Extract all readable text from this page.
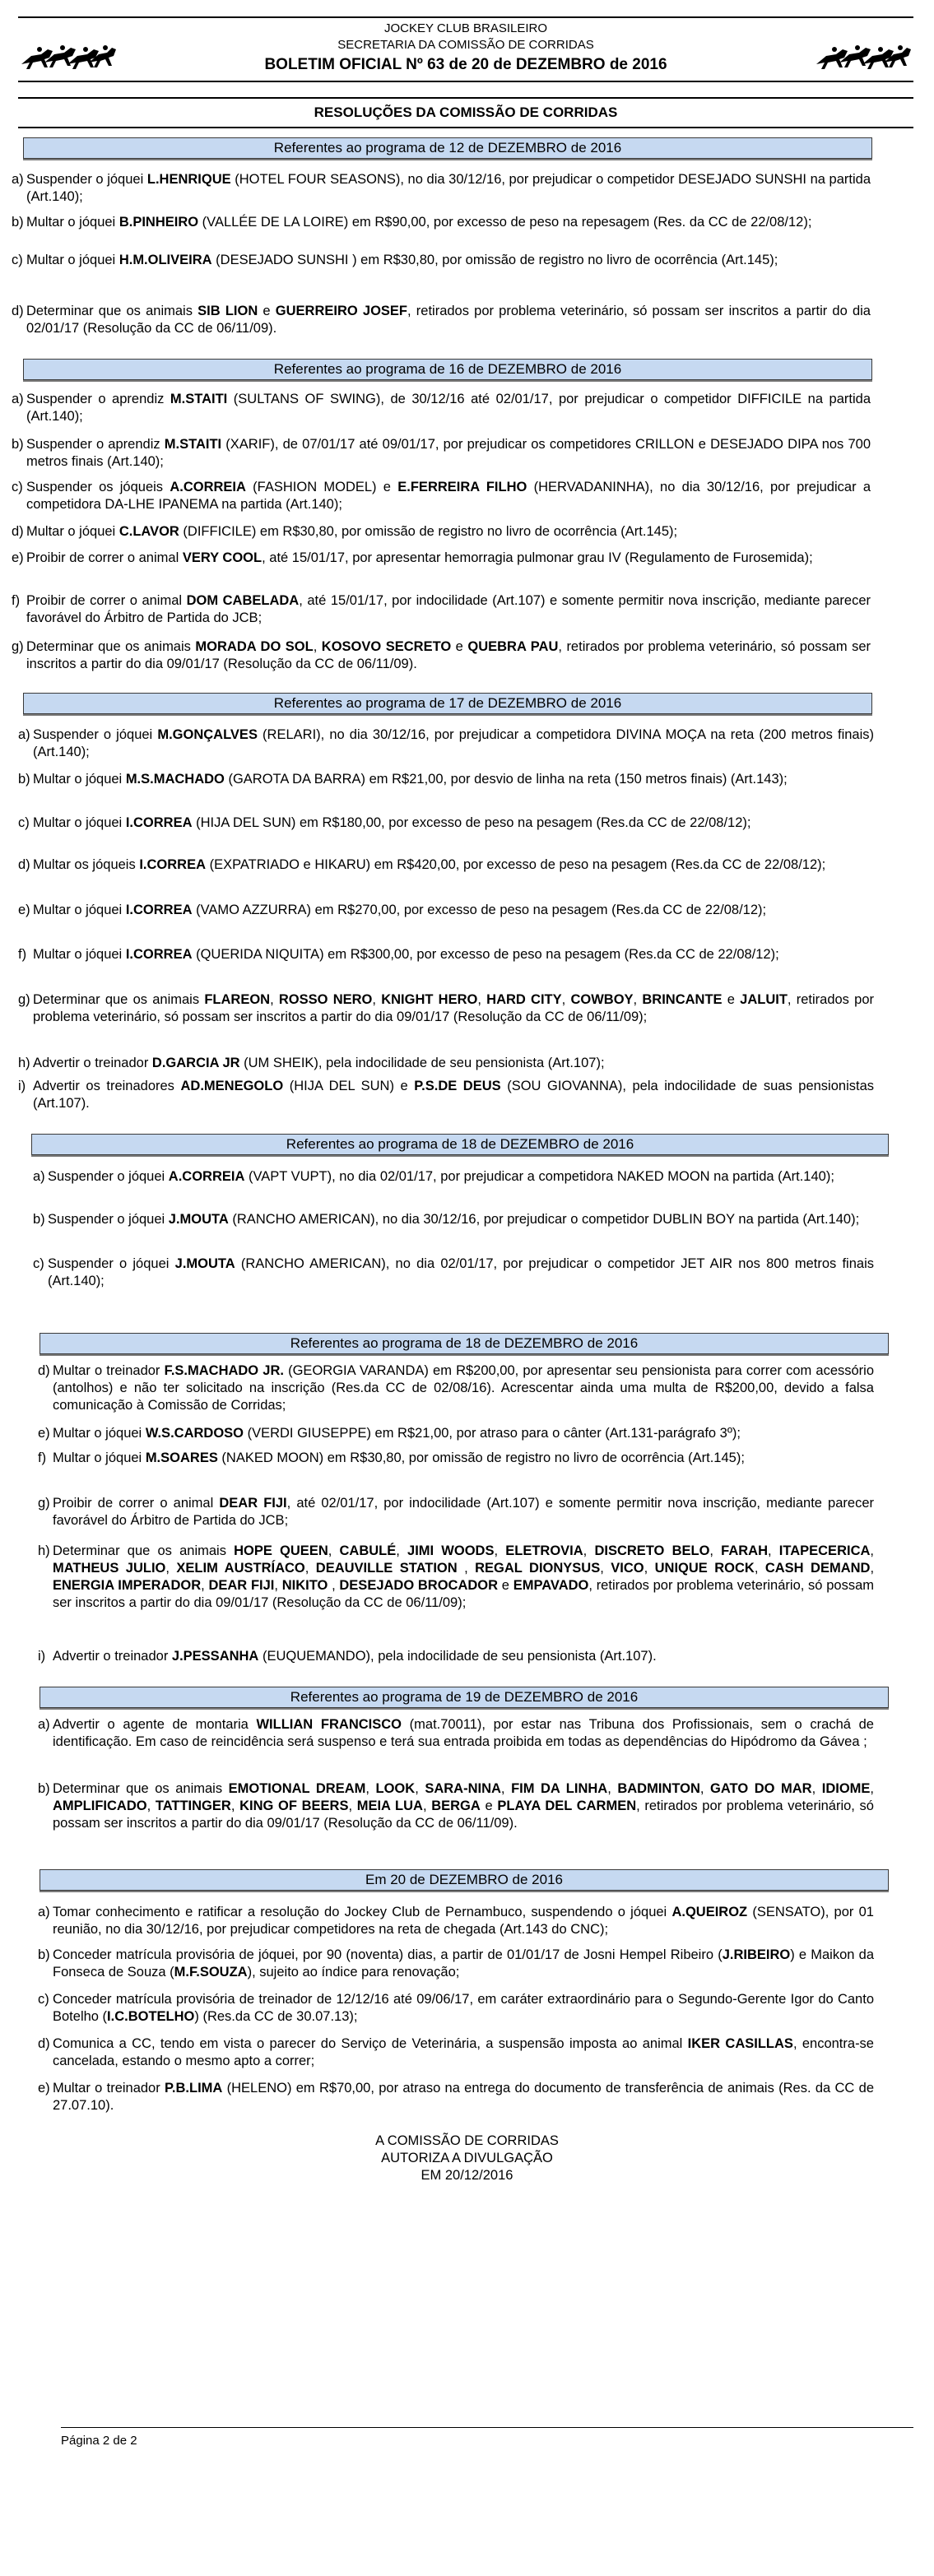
JOCKEY CLUB BRASILEIRO
SECRETARIA DA COMISSÃO DE CORRIDAS
BOLETIM OFICIAL Nº 63 de 20 de DEZEMBRO de 2016
RESOLUÇÕES DA COMISSÃO DE CORRIDAS
Referentes ao programa de 12 de DEZEMBRO de 2016
a) Suspender o jóquei L.HENRIQUE (HOTEL FOUR SEASONS), no dia 30/12/16, por prejudicar o competidor DESEJADO SUNSHI na partida (Art.140);
b) Multar o jóquei B.PINHEIRO (VALLÉE DE LA LOIRE) em R$90,00, por excesso de peso na repesagem (Res. da CC de 22/08/12);
c) Multar o jóquei H.M.OLIVEIRA (DESEJADO SUNSHI ) em R$30,80, por omissão de registro no livro de ocorrência (Art.145);
d) Determinar que os animais SIB LION e GUERREIRO JOSEF, retirados por problema veterinário, só possam ser inscritos a partir do dia 02/01/17 (Resolução da CC de 06/11/09).
Referentes ao programa de 16 de DEZEMBRO de 2016
a) Suspender o aprendiz M.STAITI (SULTANS OF SWING), de 30/12/16 até 02/01/17, por prejudicar o competidor DIFFICILE na partida (Art.140);
b) Suspender o aprendiz M.STAITI (XARIF), de 07/01/17 até 09/01/17, por prejudicar os competidores CRILLON e DESEJADO DIPA nos 700 metros finais (Art.140);
c) Suspender os jóqueis A.CORREIA (FASHION MODEL) e E.FERREIRA FILHO (HERVADANINHA), no dia 30/12/16, por prejudicar a competidora DA-LHE IPANEMA na partida (Art.140);
d) Multar o jóquei C.LAVOR (DIFFICILE) em R$30,80, por omissão de registro no livro de ocorrência (Art.145);
e) Proibir de correr o animal VERY COOL, até 15/01/17, por apresentar hemorragia pulmonar grau IV (Regulamento de Furosemida);
f) Proibir de correr o animal DOM CABELADA, até 15/01/17, por indocilidade (Art.107) e somente permitir nova inscrição, mediante parecer favorável do Árbitro de Partida do JCB;
g) Determinar que os animais MORADA DO SOL, KOSOVO SECRETO e QUEBRA PAU, retirados por problema veterinário, só possam ser inscritos a partir do dia 09/01/17 (Resolução da CC de 06/11/09).
Referentes ao programa de 17 de DEZEMBRO de 2016
a) Suspender o jóquei M.GONÇALVES (RELARI), no dia 30/12/16, por prejudicar a competidora DIVINA MOÇA na reta (200 metros finais) (Art.140);
b) Multar o jóquei M.S.MACHADO (GAROTA DA BARRA) em R$21,00, por desvio de linha na reta (150 metros finais) (Art.143);
c) Multar o jóquei I.CORREA (HIJA DEL SUN) em R$180,00, por excesso de peso na pesagem (Res.da CC de 22/08/12);
d) Multar os jóqueis I.CORREA (EXPATRIADO e HIKARU) em R$420,00, por excesso de peso na pesagem (Res.da CC de 22/08/12);
e) Multar o jóquei I.CORREA (VAMO AZZURRA) em R$270,00, por excesso de peso na pesagem (Res.da CC de 22/08/12);
f) Multar o jóquei I.CORREA (QUERIDA NIQUITA) em R$300,00, por excesso de peso na pesagem (Res.da CC de 22/08/12);
g) Determinar que os animais FLAREON, ROSSO NERO, KNIGHT HERO, HARD CITY, COWBOY, BRINCANTE e JALUIT, retirados por problema veterinário, só possam ser inscritos a partir do dia 09/01/17 (Resolução da CC de 06/11/09);
h) Advertir o treinador D.GARCIA JR (UM SHEIK), pela indocilidade de seu pensionista (Art.107);
i) Advertir os treinadores AD.MENEGOLO (HIJA DEL SUN) e P.S.DE DEUS (SOU GIOVANNA), pela indocilidade de suas pensionistas (Art.107).
Referentes ao programa de 18 de DEZEMBRO de 2016
a) Suspender o jóquei A.CORREIA (VAPT VUPT), no dia 02/01/17, por prejudicar a competidora NAKED MOON na partida (Art.140);
b) Suspender o jóquei J.MOUTA (RANCHO AMERICAN), no dia 30/12/16, por prejudicar o competidor DUBLIN BOY na partida (Art.140);
c) Suspender o jóquei J.MOUTA (RANCHO AMERICAN), no dia 02/01/17, por prejudicar o competidor JET AIR nos 800 metros finais (Art.140);
Referentes ao programa de 18 de DEZEMBRO de 2016
d) Multar o treinador F.S.MACHADO JR. (GEORGIA VARANDA) em R$200,00, por apresentar seu pensionista para correr com acessório (antolhos) e não ter solicitado na inscrição (Res.da CC de 02/08/16). Acrescentar ainda uma multa de R$200,00, devido a falsa comunicação à Comissão de Corridas;
e) Multar o jóquei W.S.CARDOSO (VERDI GIUSEPPE) em R$21,00, por atraso para o cânter (Art.131-parágrafo 3º);
f) Multar o jóquei M.SOARES (NAKED MOON) em R$30,80, por omissão de registro no livro de ocorrência (Art.145);
g) Proibir de correr o animal DEAR FIJI, até 02/01/17, por indocilidade (Art.107) e somente permitir nova inscrição, mediante parecer favorável do Árbitro de Partida do JCB;
h) Determinar que os animais HOPE QUEEN, CABULÉ, JIMI WOODS, ELETROVIA, DISCRETO BELO, FARAH, ITAPECERICA, MATHEUS JULIO, XELIM AUSTRÍACO, DEAUVILLE STATION , REGAL DIONYSUS, VICO, UNIQUE ROCK, CASH DEMAND, ENERGIA IMPERADOR, DEAR FIJI, NIKITO , DESEJADO BROCADOR e EMPAVADO, retirados por problema veterinário, só possam ser inscritos a partir do dia 09/01/17 (Resolução da CC de 06/11/09);
i) Advertir o treinador J.PESSANHA (EUQUEMANDO), pela indocilidade de seu pensionista (Art.107).
Referentes ao programa de 19 de DEZEMBRO de 2016
a) Advertir o agente de montaria WILLIAN FRANCISCO (mat.70011), por estar nas Tribuna dos Profissionais, sem o crachá de identificação. Em caso de reincidência será suspenso e terá sua entrada proibida em todas as dependências do Hipódromo da Gávea ;
b) Determinar que os animais EMOTIONAL DREAM, LOOK, SARA-NINA, FIM DA LINHA, BADMINTON, GATO DO MAR, IDIOME, AMPLIFICADO, TATTINGER, KING OF BEERS, MEIA LUA, BERGA e PLAYA DEL CARMEN, retirados por problema veterinário, só possam ser inscritos a partir do dia 09/01/17 (Resolução da CC de 06/11/09).
Em 20 de DEZEMBRO de 2016
a) Tomar conhecimento e ratificar a resolução do Jockey Club de Pernambuco, suspendendo o jóquei A.QUEIROZ (SENSATO), por 01 reunião, no dia 30/12/16, por prejudicar competidores na reta de chegada (Art.143 do CNC);
b) Conceder matrícula provisória de jóquei, por 90 (noventa) dias, a partir de 01/01/17 de Josni Hempel Ribeiro (J.RIBEIRO) e Maikon da Fonseca de Souza (M.F.SOUZA), sujeito ao índice para renovação;
c) Conceder matrícula provisória de treinador de 12/12/16 até 09/06/17, em caráter extraordinário para o Segundo-Gerente Igor do Canto Botelho (I.C.BOTELHO) (Res.da CC de 30.07.13);
d) Comunica a CC, tendo em vista o parecer do Serviço de Veterinária, a suspensão imposta ao animal IKER CASILLAS, encontra-se cancelada, estando o mesmo apto a correr;
e) Multar o treinador P.B.LIMA (HELENO) em R$70,00, por atraso na entrega do documento de transferência de animais (Res. da CC de 27.07.10).
A COMISSÃO DE CORRIDAS
AUTORIZA A DIVULGAÇÃO
EM 20/12/2016
Página 2 de 2
